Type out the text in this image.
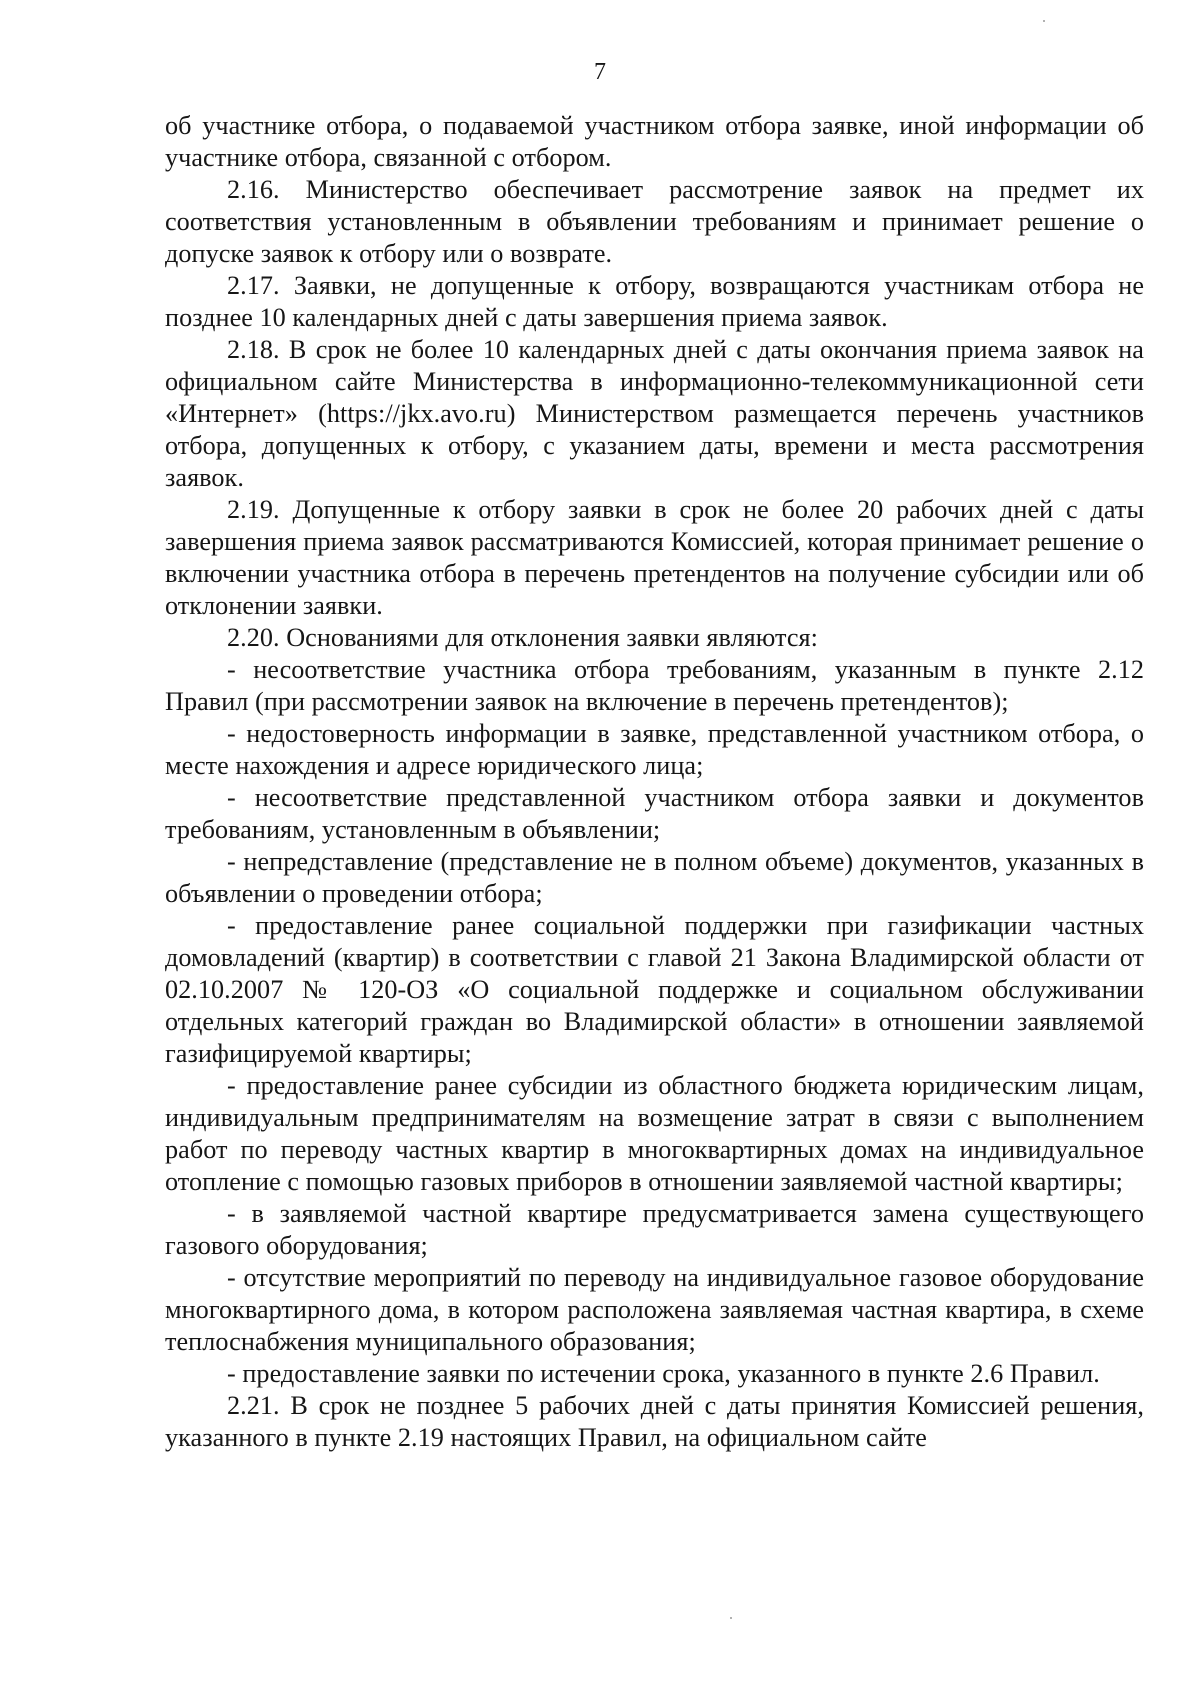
7

об участнике отбора, о подаваемой участником отбора заявке, иной информации об участнике отбора, связанной с отбором.

2.16. Министерство обеспечивает рассмотрение заявок на предмет их соответствия установленным в объявлении требованиям и принимает решение о допуске заявок к отбору или о возврате.

2.17. Заявки, не допущенные к отбору, возвращаются участникам отбора не позднее 10 календарных дней с даты завершения приема заявок.

2.18. В срок не более 10 календарных дней с даты окончания приема заявок на официальном сайте Министерства в информационно-телекоммуникационной сети «Интернет» (https://jkx.avo.ru) Министерством размещается перечень участников отбора, допущенных к отбору, с указанием даты, времени и места рассмотрения заявок.

2.19. Допущенные к отбору заявки в срок не более 20 рабочих дней с даты завершения приема заявок рассматриваются Комиссией, которая принимает решение о включении участника отбора в перечень претендентов на получение субсидии или об отклонении заявки.

2.20. Основаниями для отклонения заявки являются:

- несоответствие участника отбора требованиям, указанным в пункте 2.12 Правил (при рассмотрении заявок на включение в перечень претендентов);

- недостоверность информации в заявке, представленной участником отбора, о месте нахождения и адресе юридического лица;

- несоответствие представленной участником отбора заявки и документов требованиям, установленным в объявлении;

- непредставление (представление не в полном объеме) документов, указанных в объявлении о проведении отбора;

- предоставление ранее социальной поддержки при газификации частных домовладений (квартир) в соответствии с главой 21 Закона Владимирской области от 02.10.2007 № 120-ОЗ «О социальной поддержке и социальном обслуживании отдельных категорий граждан во Владимирской области» в отношении заявляемой газифицируемой квартиры;

- предоставление ранее субсидии из областного бюджета юридическим лицам, индивидуальным предпринимателям на возмещение затрат в связи с выполнением работ по переводу частных квартир в многоквартирных домах на индивидуальное отопление с помощью газовых приборов в отношении заявляемой частной квартиры;

- в заявляемой частной квартире предусматривается замена существующего газового оборудования;

- отсутствие мероприятий по переводу на индивидуальное газовое оборудование многоквартирного дома, в котором расположена заявляемая частная квартира, в схеме теплоснабжения муниципального образования;

- предоставление заявки по истечении срока, указанного в пункте 2.6 Правил.

2.21. В срок не позднее 5 рабочих дней с даты принятия Комиссией решения, указанного в пункте 2.19 настоящих Правил, на официальном сайте
